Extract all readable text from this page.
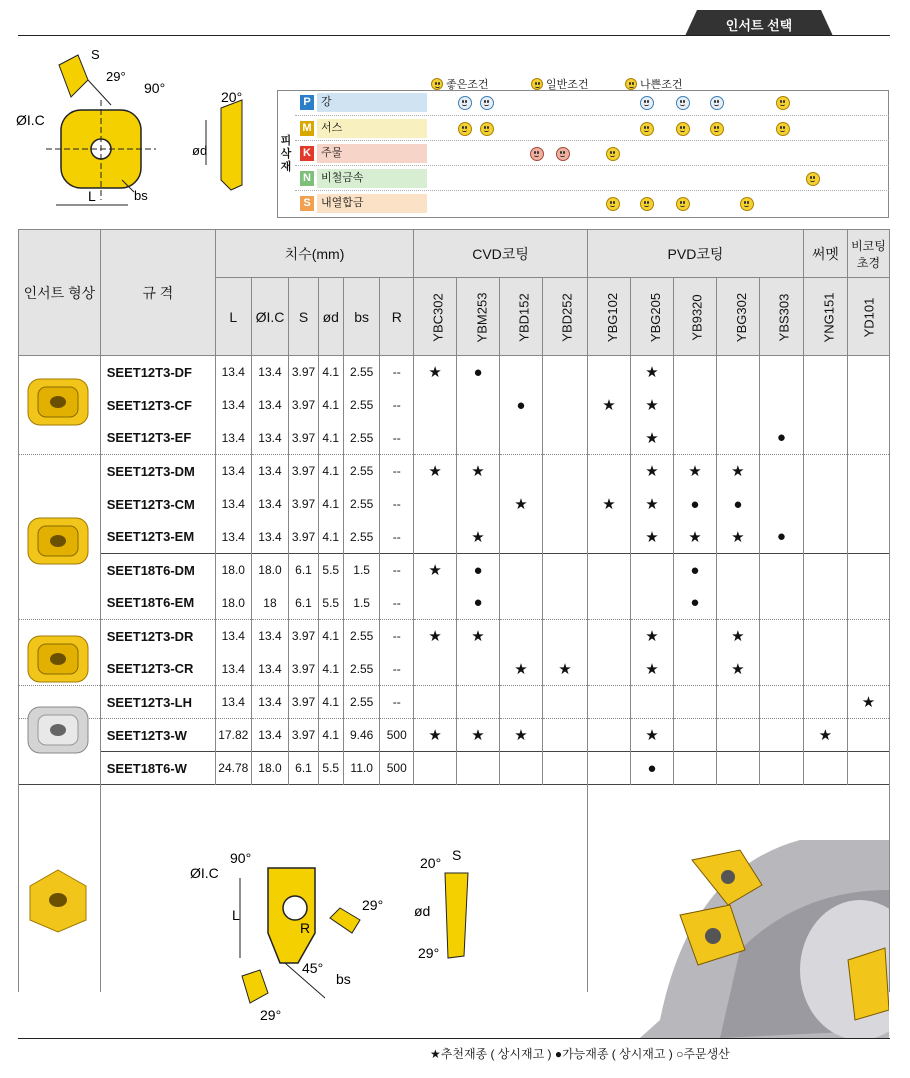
인서트 선택
S
29°
90°
ØI.C
L	bs
20°
ød
좋은조건	일반조건	나쁜조건
피삭재
P 강
M 서스
K 주물
N 비철금속
S 내열합금
인서트 형상	규 격	치수(mm)						CVD코팅				PVD코팅					써멧	비코팅 초경
		L	ØI.C	S	ød	bs	R	YBC302	YBM253	YBD152	YBD252	YBG102	YBG205	YB9320	YBG302	YBS303	YNG151	YD101
	SEET12T3-DF	13.4	13.4	3.97	4.1	2.55	--	★	●				★					
	SEET12T3-CF	13.4	13.4	3.97	4.1	2.55	--			●		★	★					
	SEET12T3-EF	13.4	13.4	3.97	4.1	2.55	--						★			●		
	SEET12T3-DM	13.4	13.4	3.97	4.1	2.55	--	★	★				★	★	★			
	SEET12T3-CM	13.4	13.4	3.97	4.1	2.55	--			★		★	★	●	●			
	SEET12T3-EM	13.4	13.4	3.97	4.1	2.55	--		★				★	★	★	●		
	SEET18T6-DM	18.0	18.0	6.1	5.5	1.5	--	★	●					●				
	SEET18T6-EM	18.0	18	6.1	5.5	1.5	--		●					●				
	SEET12T3-DR	13.4	13.4	3.97	4.1	2.55	--	★	★				★		★			
	SEET12T3-CR	13.4	13.4	3.97	4.1	2.55	--			★	★		★		★			
	SEET12T3-LH	13.4	13.4	3.97	4.1	2.55	--											★
	SEET12T3-W	17.82	13.4	3.97	4.1	9.46	500	★	★	★			★				★	
	SEET18T6-W	24.78	18.0	6.1	5.5	11.0	500						●					

90°
ØI.C
L
R
29°
45°
bs
29°
20° S
ød
29°
★추천재종 ( 상시재고 ) ●가능재종 ( 상시재고 ) ○주문생산
